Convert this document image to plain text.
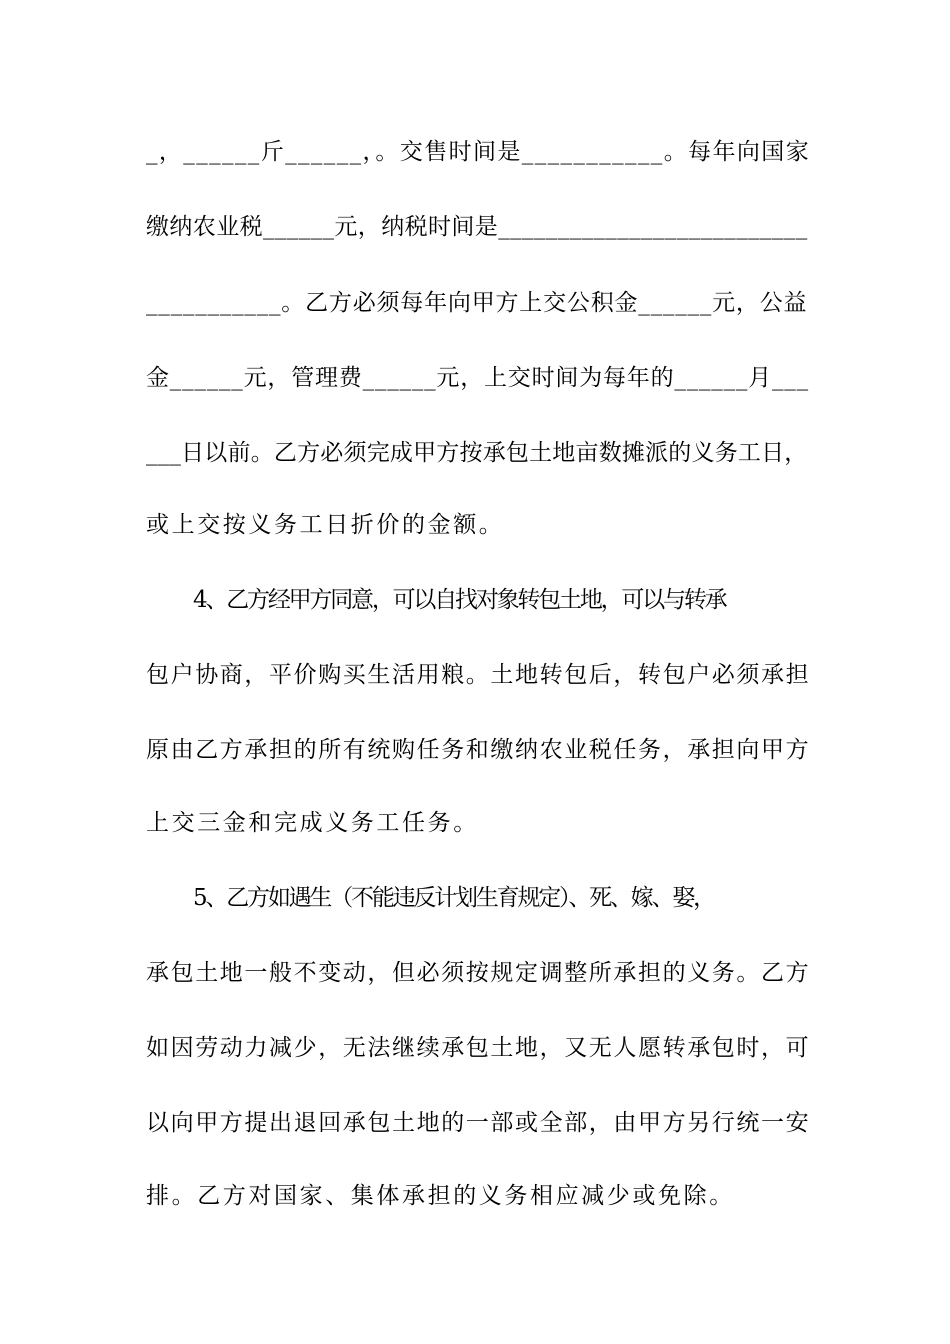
_，______斤______，。交售时间是___________。每年向国家
缴纳农业税______元，纳税时间是__________________________
___________。乙方必须每年向甲方上交公积金______元，公益
金______元，管理费______元，上交时间为每年的______月___
___日以前。乙方必须完成甲方按承包土地亩数摊派的义务工日，
或上交按义务工日折价的金额。
4、乙方经甲方同意，可以自找对象转包土地，可以与转承
包户协商，平价购买生活用粮。土地转包后，转包户必须承担
原由乙方承担的所有统购任务和缴纳农业税任务，承担向甲方
上交三金和完成义务工任务。
5、乙方如遇生（不能违反计划生育规定）、死、嫁、娶，
承包土地一般不变动，但必须按规定调整所承担的义务。乙方
如因劳动力减少，无法继续承包土地，又无人愿转承包时，可
以向甲方提出退回承包土地的一部或全部，由甲方另行统一安
排。乙方对国家、集体承担的义务相应减少或免除。
